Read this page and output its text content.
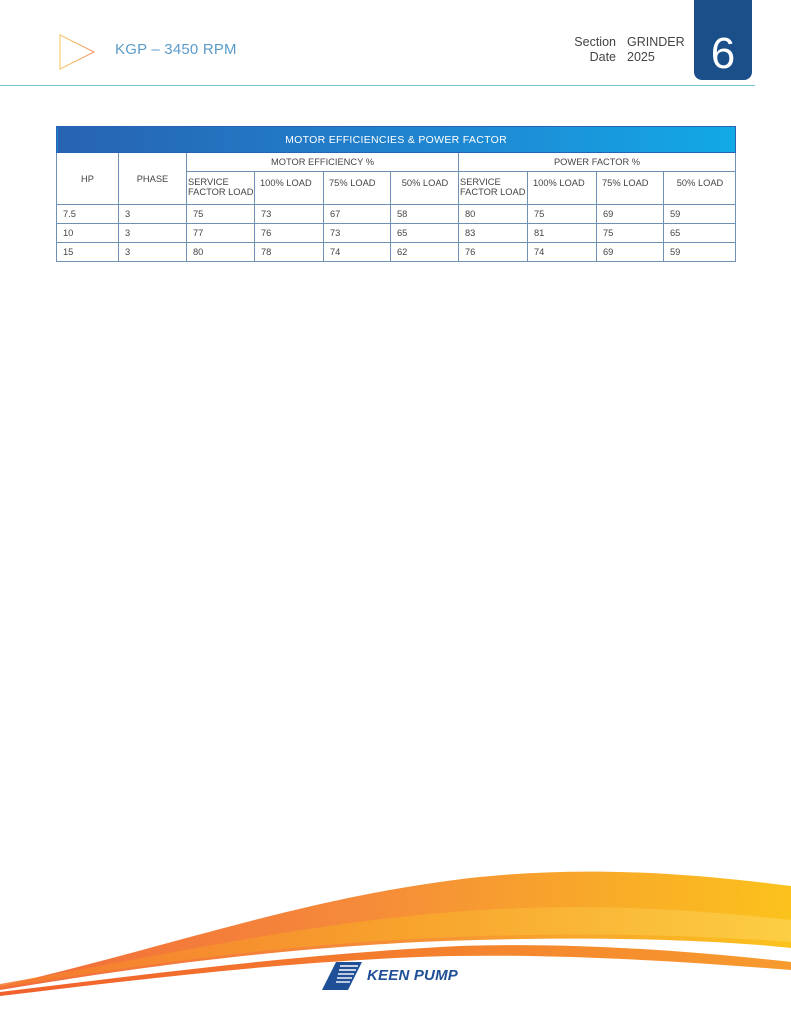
KGP – 3450 RPM	Section
Date
GRINDER
2025	6
MOTOR EFFICIENCIES & POWER FACTOR									
HP	PHASE	MOTOR EFFICIENCY %				POWER FACTOR %			

		SERVICE
FACTOR LOAD	100% LOAD	75% LOAD	50% LOAD	SERVICE
FACTOR LOAD	100% LOAD	75% LOAD	50% LOAD

7.5	3	75	73	67	58	80	75	69	59
10	3	77	76	73	65	83	81	75	65
15	3	80	78	74	62	76	74	69	59
KEEN PUMP
